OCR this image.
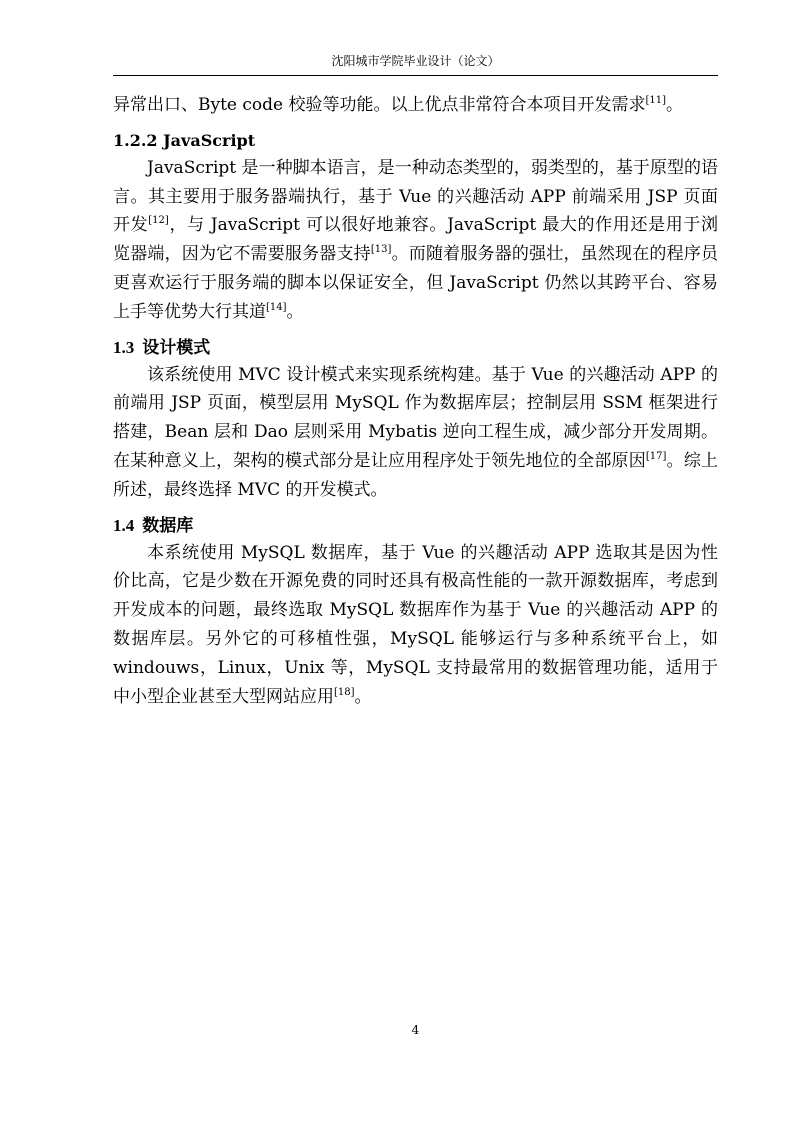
沈阳城市学院毕业设计（论文）

异常出口、Byte code 校验等功能。以上优点非常符合本项目开发需求[11]。

1.2.2 JavaScript

JavaScript 是一种脚本语言，是一种动态类型的，弱类型的，基于原型的语言。其主要用于服务器端执行，基于 Vue 的兴趣活动 APP 前端采用 JSP 页面开发[12]，与 JavaScript 可以很好地兼容。JavaScript 最大的作用还是用于浏览器端，因为它不需要服务器支持[13]。而随着服务器的强壮，虽然现在的程序员更喜欢运行于服务端的脚本以保证安全，但 JavaScript 仍然以其跨平台、容易上手等优势大行其道[14]。

1.3 设计模式

该系统使用 MVC 设计模式来实现系统构建。基于 Vue 的兴趣活动 APP 的前端用 JSP 页面，模型层用 MySQL 作为数据库层；控制层用 SSM 框架进行搭建，Bean 层和 Dao 层则采用 Mybatis 逆向工程生成，减少部分开发周期。在某种意义上，架构的模式部分是让应用程序处于领先地位的全部原因[17]。综上所述，最终选择 MVC 的开发模式。

1.4 数据库

本系统使用 MySQL 数据库，基于 Vue 的兴趣活动 APP 选取其是因为性价比高，它是少数在开源免费的同时还具有极高性能的一款开源数据库，考虑到开发成本的问题，最终选取 MySQL 数据库作为基于 Vue 的兴趣活动 APP 的数据库层。另外它的可移植性强，MySQL 能够运行与多种系统平台上，如 windouws，Linux，Unix 等，MySQL 支持最常用的数据管理功能，适用于中小型企业甚至大型网站应用[18]。

4
